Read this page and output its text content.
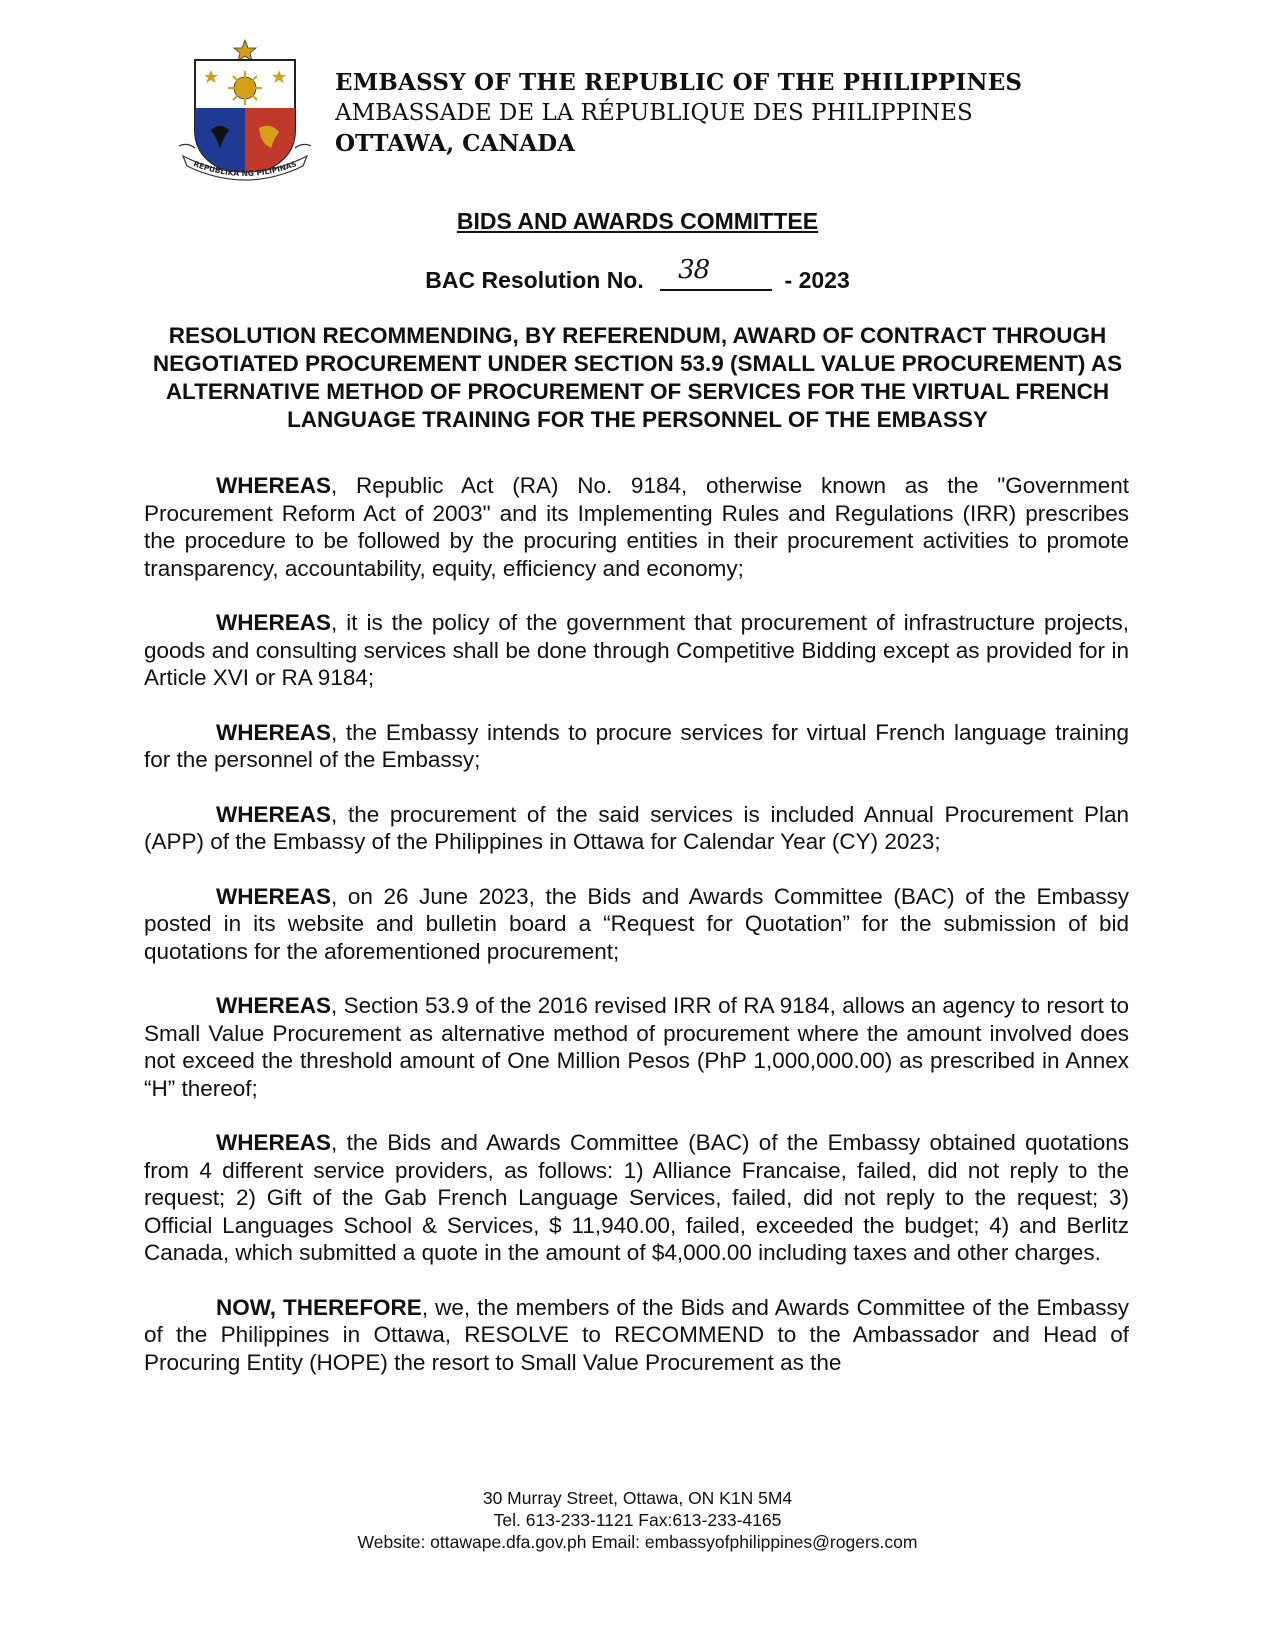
REPUBLIKA NG PILIPINAS
EMBASSY OF THE REPUBLIC OF THE PHILIPPINES
AMBASSADE DE LA RÉPUBLIQUE DES PHILIPPINES
OTTAWA, CANADA
BIDS AND AWARDS COMMITTEE
BAC Resolution No. 38	- 2023
RESOLUTION RECOMMENDING, BY REFERENDUM, AWARD OF CONTRACT THROUGH NEGOTIATED PROCUREMENT UNDER SECTION 53.9 (SMALL VALUE PROCUREMENT) AS ALTERNATIVE METHOD OF PROCUREMENT OF SERVICES FOR THE VIRTUAL FRENCH LANGUAGE TRAINING FOR THE PERSONNEL OF THE EMBASSY

WHEREAS, Republic Act (RA) No. 9184, otherwise known as the "Government Procurement Reform Act of 2003" and its Implementing Rules and Regulations (IRR) prescribes the procedure to be followed by the procuring entities in their procurement activities to promote transparency, accountability, equity, efficiency and economy;

WHEREAS, it is the policy of the government that procurement of infrastructure projects, goods and consulting services shall be done through Competitive Bidding except as provided for in Article XVI or RA 9184;

WHEREAS, the Embassy intends to procure services for virtual French language training for the personnel of the Embassy;

WHEREAS, the procurement of the said services is included Annual Procurement Plan (APP) of the Embassy of the Philippines in Ottawa for Calendar Year (CY) 2023;

WHEREAS, on 26 June 2023, the Bids and Awards Committee (BAC) of the Embassy posted in its website and bulletin board a “Request for Quotation” for the submission of bid quotations for the aforementioned procurement;

WHEREAS, Section 53.9 of the 2016 revised IRR of RA 9184, allows an agency to resort to Small Value Procurement as alternative method of procurement where the amount involved does not exceed the threshold amount of One Million Pesos (PhP 1,000,000.00) as prescribed in Annex “H” thereof;

WHEREAS, the Bids and Awards Committee (BAC) of the Embassy obtained quotations from 4 different service providers, as follows: 1) Alliance Francaise, failed, did not reply to the request; 2) Gift of the Gab French Language Services, failed, did not reply to the request; 3) Official Languages School & Services, $ 11,940.00, failed, exceeded the budget; 4) and Berlitz Canada, which submitted a quote in the amount of $4,000.00 including taxes and other charges.

NOW, THEREFORE, we, the members of the Bids and Awards Committee of the Embassy of the Philippines in Ottawa, RESOLVE to RECOMMEND to the Ambassador and Head of Procuring Entity (HOPE) the resort to Small Value Procurement as the

30 Murray Street, Ottawa, ON K1N 5M4
Tel. 613-233-1121 Fax:613-233-4165
Website: ottawape.dfa.gov.ph Email: embassyofphilippines@rogers.com
